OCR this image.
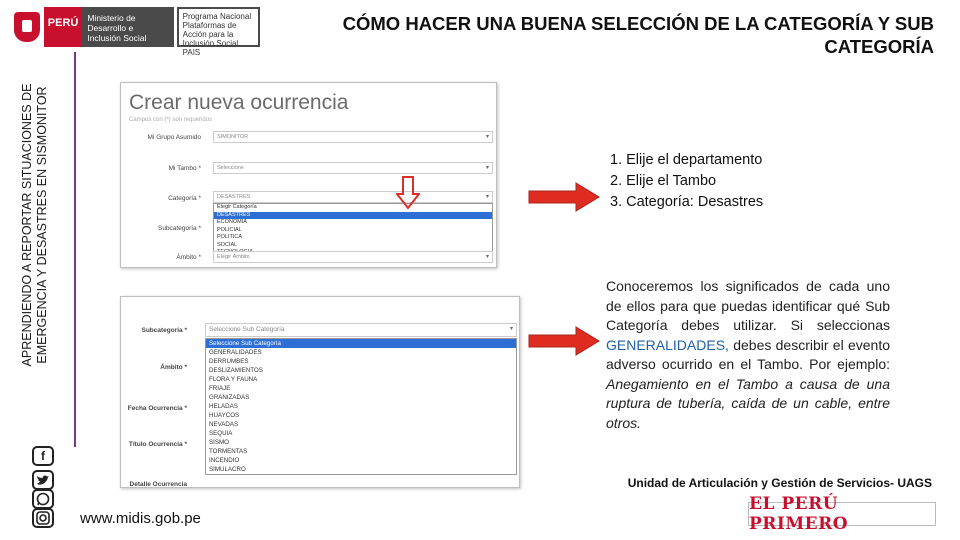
PERÚ	Ministerio de Desarrollo e Inclusión Social
Programa Nacional Plataformas de Acción para la Inclusión Social PAIS
CÓMO HACER UNA BUENA SELECCIÓN DE LA CATEGORÍA Y SUB CATEGORÍA
APRENDIENDO A REPORTAR SITUACIONES DE EMERGENCIA Y DESASTRES EN SISMONITOR
f
Crear nueva ocurrencia
Campos con (*) son requeridos
Mi Grupo Asumido	SIMONITOR	▾
Mi Tambo *	Seleccione	▾
Categoría *	DESASTRES	▾
Elegir Categoría
DESASTRES
ECONOMIA
POLICIAL
POLITICA
SOCIAL
Subcategoría *
Ámbito *	Elegir Ámbito	▾
Subcategoría *	Seleccione Sub Categoría	▾
Seleccione Sub Categoría
GENERALIDADES
DERRUMBES
DESLIZAMIENTOS
FLORA Y FAUNA
FRIAJE
GRANIZADAS
HELADAS
HUAYCOS
NEVADAS
SEQUIA
SISMO
TORMENTAS
INCENDIO
SIMULACRO
Ámbito *
Fecha Ocurrencia *
Título Ocurrencia *
Detalle Ocurrencia
1. Elije el departamento
2. Elije el Tambo
3. Categoría: Desastres

Conoceremos los significados de cada uno de ellos para que puedas identificar qué Sub Categoría debes utilizar. Si seleccionas GENERALIDADES, debes describir el evento adverso ocurrido en el Tambo. Por ejemplo: Anegamiento en el Tambo a causa de una ruptura de tubería, caída de un cable, entre otros.

Unidad de Articulación y Gestión de Servicios- UAGS
www.midis.gob.pe
EL PERÚ PRIMERO
